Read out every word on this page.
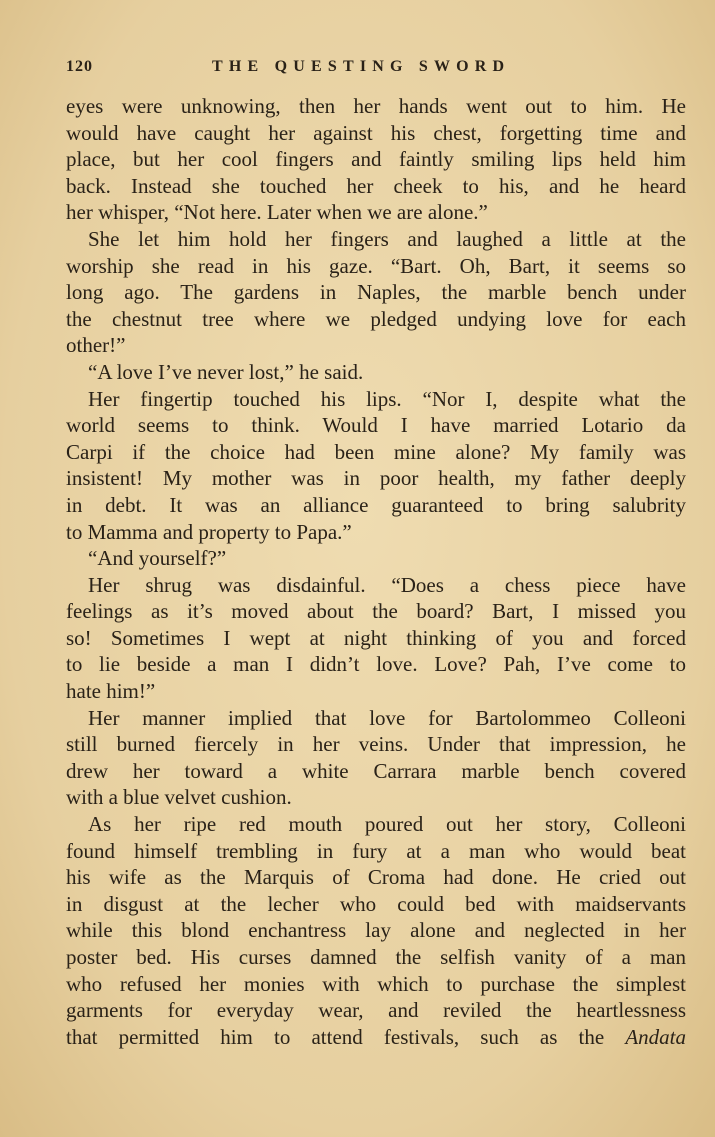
120	THE QUESTING SWORD
eyes were unknowing, then her hands went out to him. He
would have caught her against his chest, forgetting time and
place, but her cool fingers and faintly smiling lips held him
back. Instead she touched her cheek to his, and he heard
her whisper, “Not here. Later when we are alone.”
She let him hold her fingers and laughed a little at the
worship she read in his gaze. “Bart. Oh, Bart, it seems so
long ago. The gardens in Naples, the marble bench under
the chestnut tree where we pledged undying love for each
other!”
“A love I’ve never lost,” he said.
Her fingertip touched his lips. “Nor I, despite what the
world seems to think. Would I have married Lotario da
Carpi if the choice had been mine alone? My family was
insistent! My mother was in poor health, my father deeply
in debt. It was an alliance guaranteed to bring salubrity
to Mamma and property to Papa.”
“And yourself?”
Her shrug was disdainful. “Does a chess piece have
feelings as it’s moved about the board? Bart, I missed you
so! Sometimes I wept at night thinking of you and forced
to lie beside a man I didn’t love. Love? Pah, I’ve come to
hate him!”
Her manner implied that love for Bartolommeo Colleoni
still burned fiercely in her veins. Under that impression, he
drew her toward a white Carrara marble bench covered
with a blue velvet cushion.
As her ripe red mouth poured out her story, Colleoni
found himself trembling in fury at a man who would beat
his wife as the Marquis of Croma had done. He cried out
in disgust at the lecher who could bed with maidservants
while this blond enchantress lay alone and neglected in her
poster bed. His curses damned the selfish vanity of a man
who refused her monies with which to purchase the simplest
garments for everyday wear, and reviled the heartlessness
that permitted him to attend festivals, such as the Andata
